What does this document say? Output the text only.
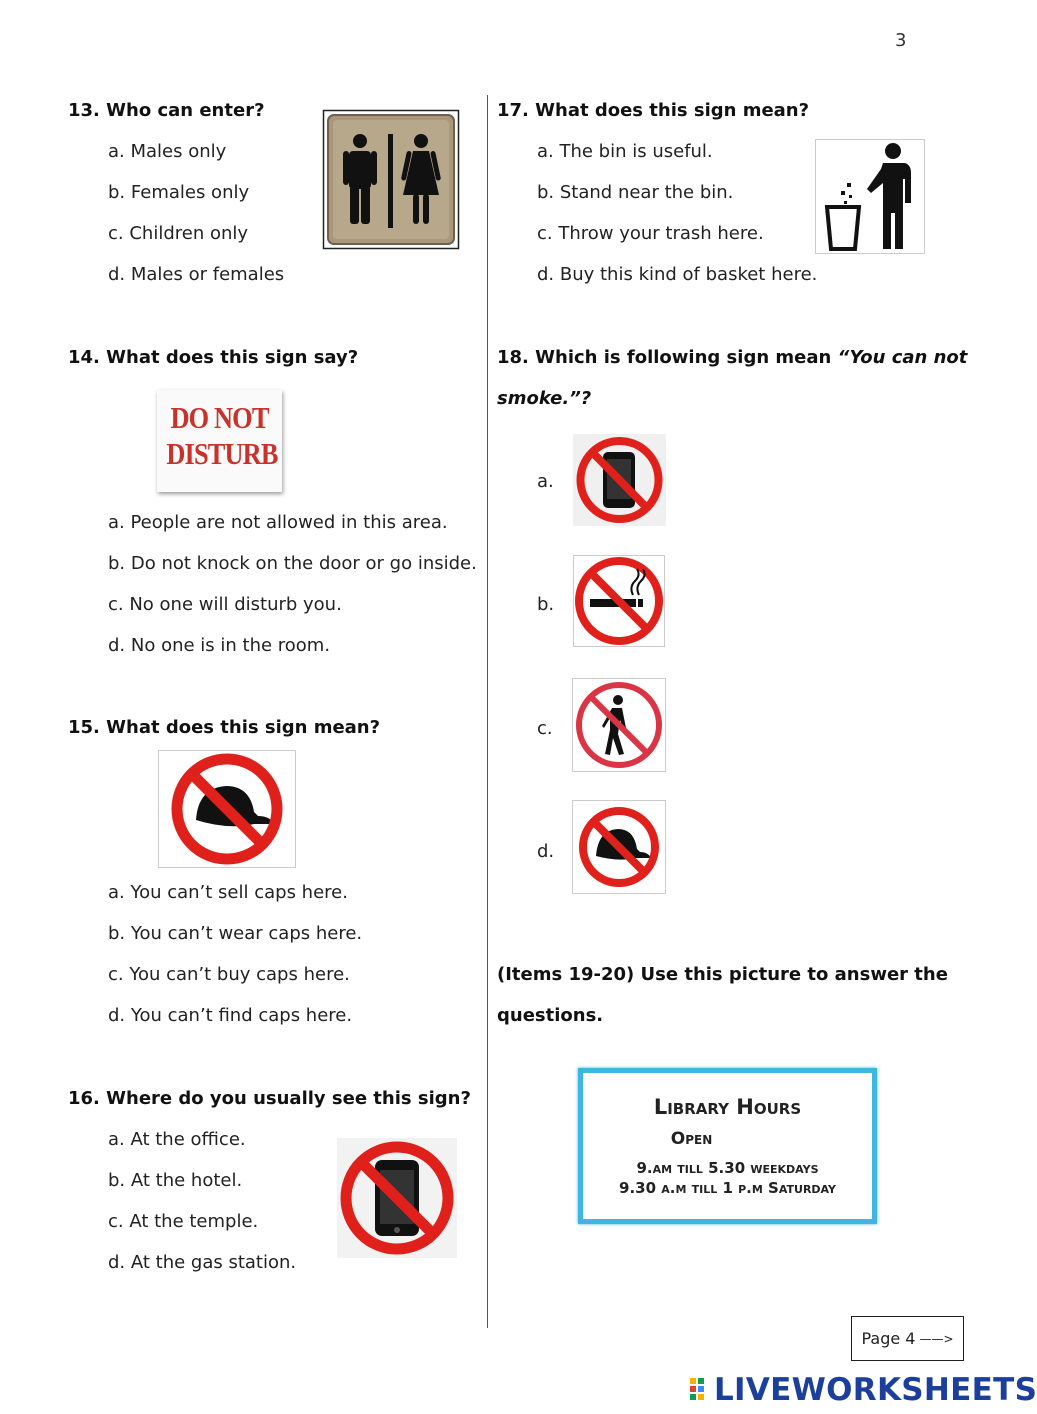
3
13. Who can enter?
a. Males only
b. Females only
c. Children only
d. Males or females
14. What does this sign say?
DO NOT
DISTURB
a. People are not allowed in this area.
b. Do not knock on the door or go inside.
c. No one will disturb you.
d. No one is in the room.
15. What does this sign mean?
a. You can’t sell caps here.
b. You can’t wear caps here.
c. You can’t buy caps here.
d. You can’t find caps here.
16. Where do you usually see this sign?
a. At the office.
b. At the hotel.
c. At the temple.
d. At the gas station.
17. What does this sign mean?
a. The bin is useful.
b. Stand near the bin.
c. Throw your trash here.
d. Buy this kind of basket here.
18. Which is following sign mean “You can not
smoke.”?
a.
b.
c.
d.
(Items 19-20) Use this picture to answer the
questions.
Library Hours
Open
9.am till 5.30 weekdays
9.30 a.m till 1 p.m Saturday
Page 4 ——>
LIVEWORKSHEETS
